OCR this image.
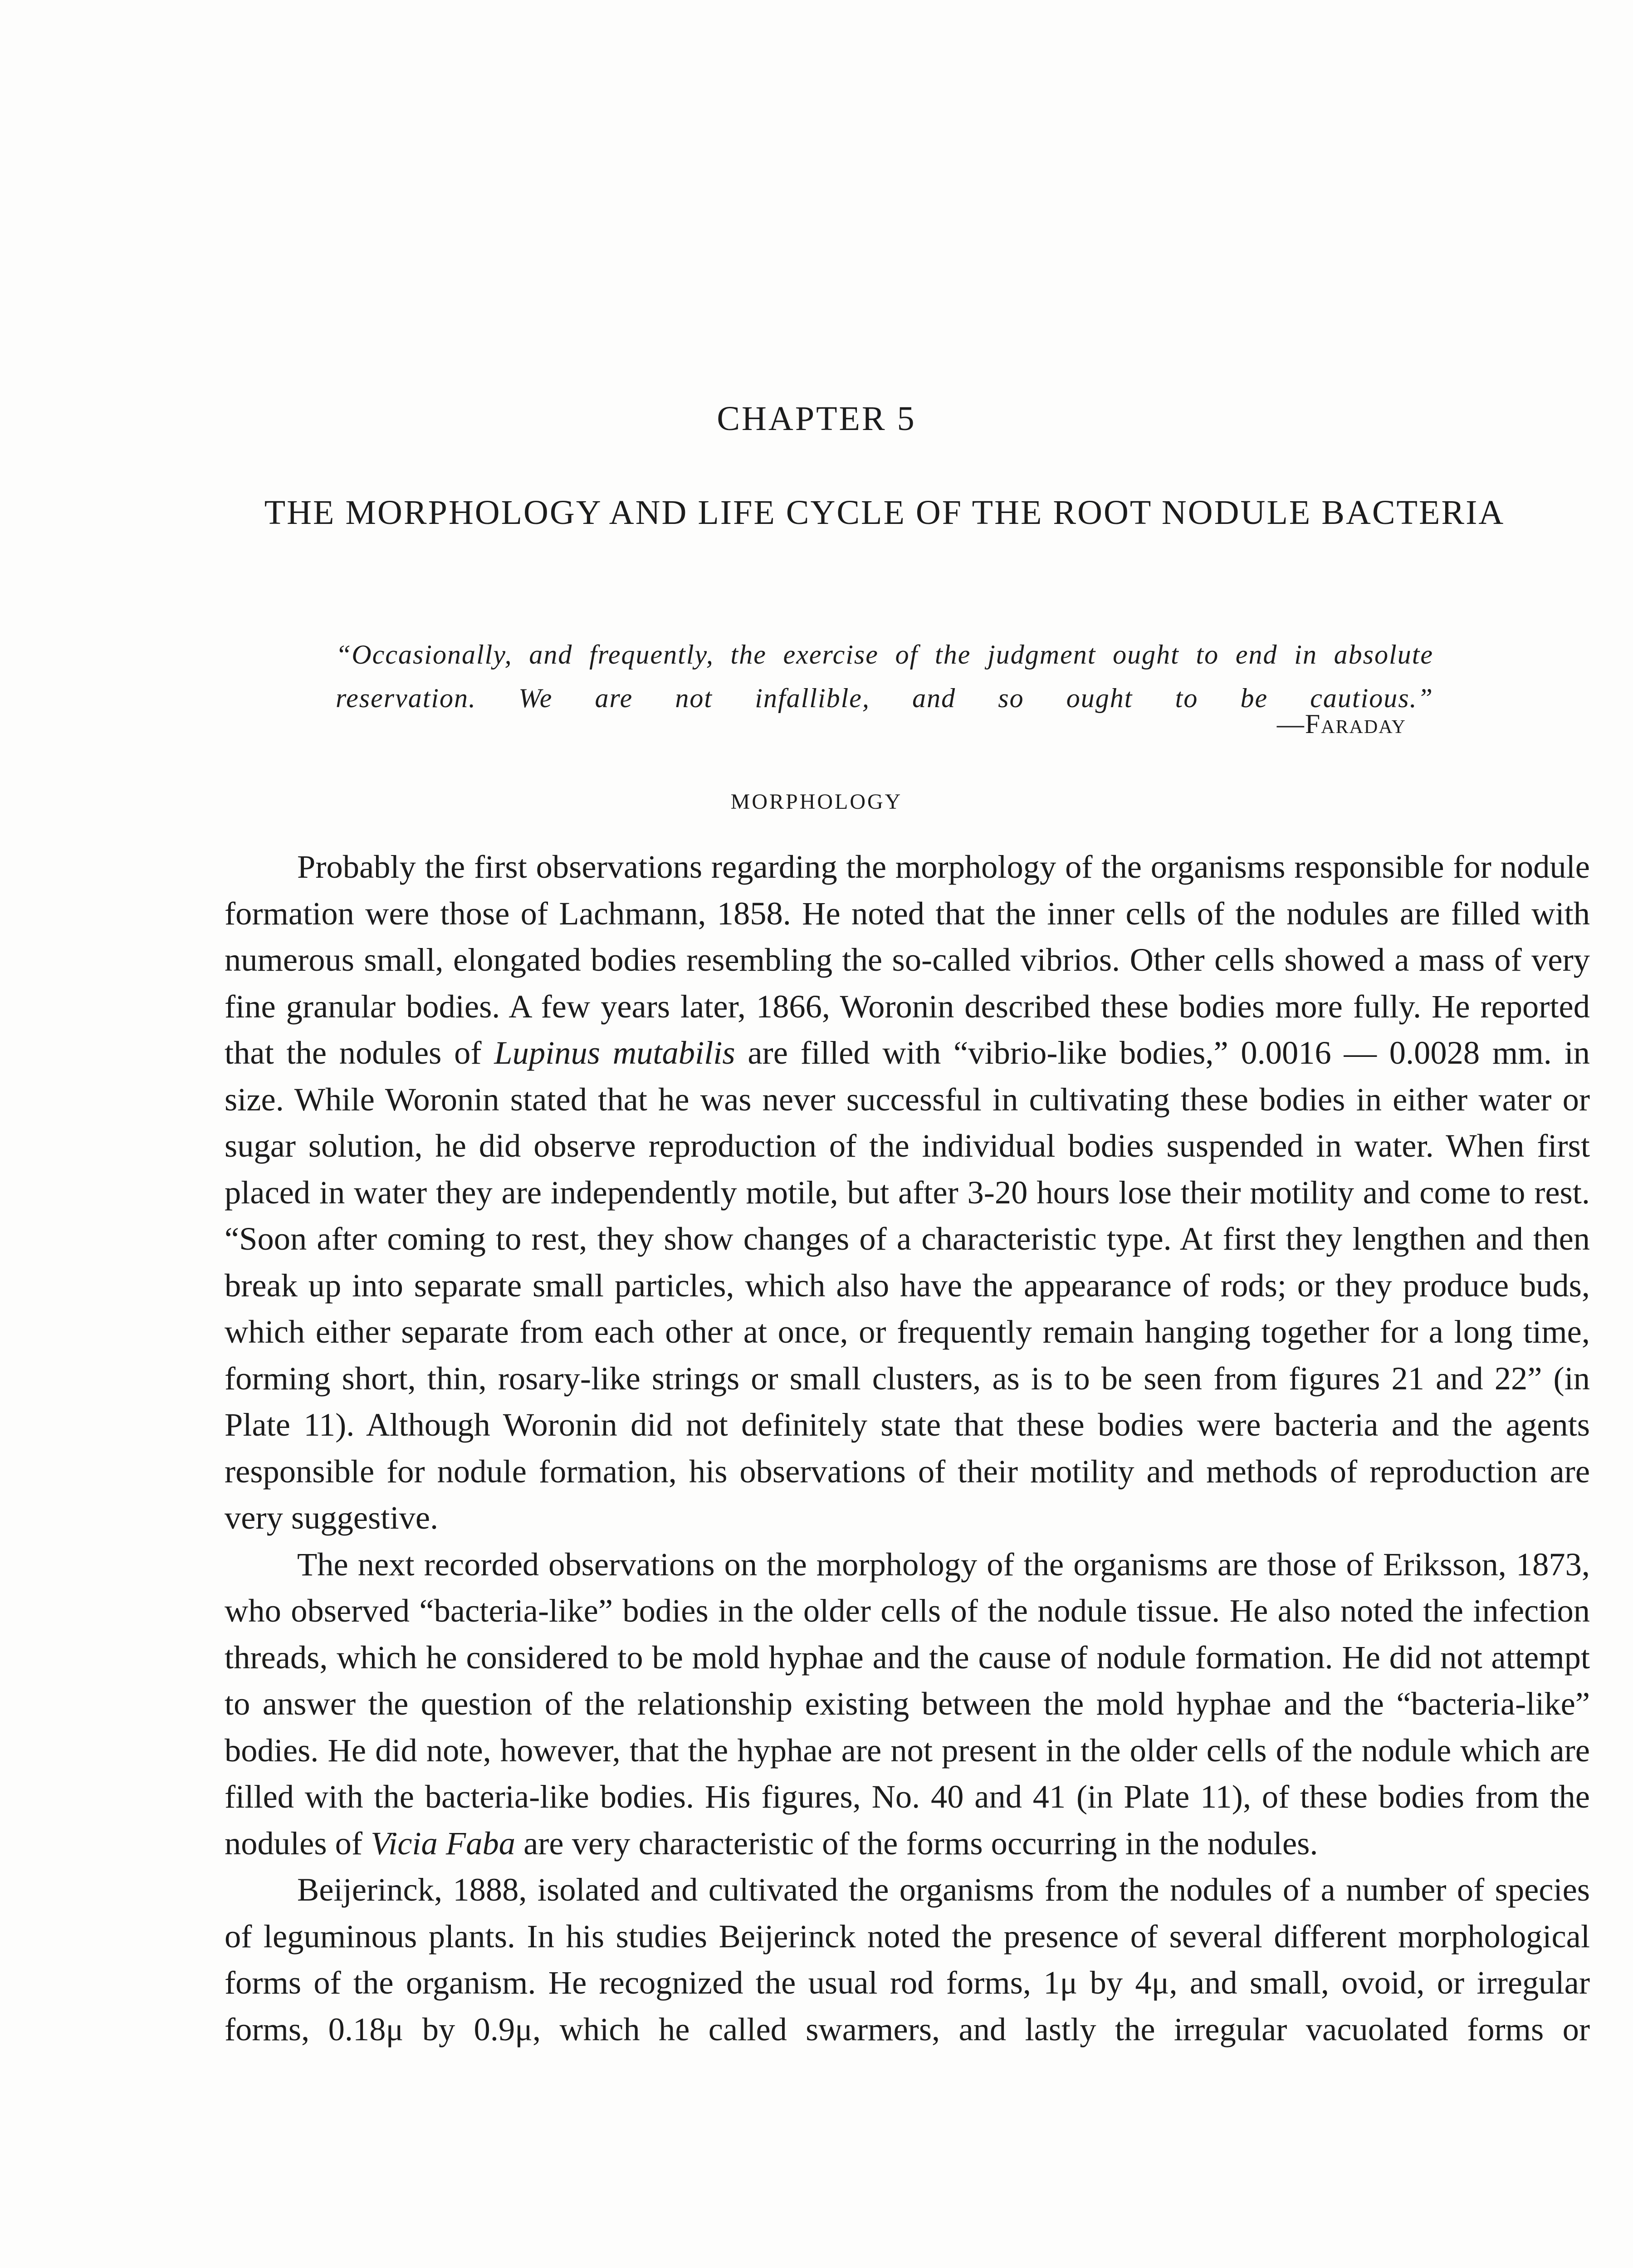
CHAPTER 5
THE MORPHOLOGY AND LIFE CYCLE OF THE ROOT NODULE BACTERIA
“Occasionally, and frequently, the exercise of the judgment ought to end in absolute reservation. We are not infallible, and so ought to be cautious.”
—Faraday
MORPHOLOGY

Probably the first observations regarding the morphology of the organisms responsible for nodule formation were those of Lachmann, 1858. He noted that the inner cells of the nodules are filled with numerous small, elongated bodies resembling the so-called vibrios. Other cells showed a mass of very fine granular bodies. A few years later, 1866, Woronin described these bodies more fully. He reported that the nodules of Lupinus mutabilis are filled with “vibrio-like bodies,” 0.0016 — 0.0028 mm. in size. While Woronin stated that he was never successful in cultivating these bodies in either water or sugar solution, he did observe reproduction of the individual bodies suspended in water. When first placed in water they are independently motile, but after 3-20 hours lose their motility and come to rest. “Soon after coming to rest, they show changes of a characteristic type. At first they lengthen and then break up into separate small particles, which also have the appearance of rods; or they produce buds, which either separate from each other at once, or frequently remain hanging together for a long time, forming short, thin, rosary-like strings or small clusters, as is to be seen from figures 21 and 22” (in Plate 11). Although Woronin did not definitely state that these bodies were bacteria and the agents responsible for nodule formation, his observations of their motility and methods of reproduction are very suggestive.

The next recorded observations on the morphology of the organisms are those of Eriksson, 1873, who observed “bacteria-like” bodies in the older cells of the nodule tissue. He also noted the infection threads, which he considered to be mold hyphae and the cause of nodule formation. He did not attempt to answer the question of the relationship existing between the mold hyphae and the “bacteria-like” bodies. He did note, however, that the hyphae are not present in the older cells of the nodule which are filled with the bacteria-like bodies. His figures, No. 40 and 41 (in Plate 11), of these bodies from the nodules of Vicia Faba are very characteristic of the forms occurring in the nodules.

Beijerinck, 1888, isolated and cultivated the organisms from the nodules of a number of species of leguminous plants. In his studies Beijerinck noted the presence of several different morphological forms of the organism. He recognized the usual rod forms, 1μ by 4μ, and small, ovoid, or irregular forms, 0.18μ by 0.9μ, which he called swarmers, and lastly the irregular vacuolated forms or
